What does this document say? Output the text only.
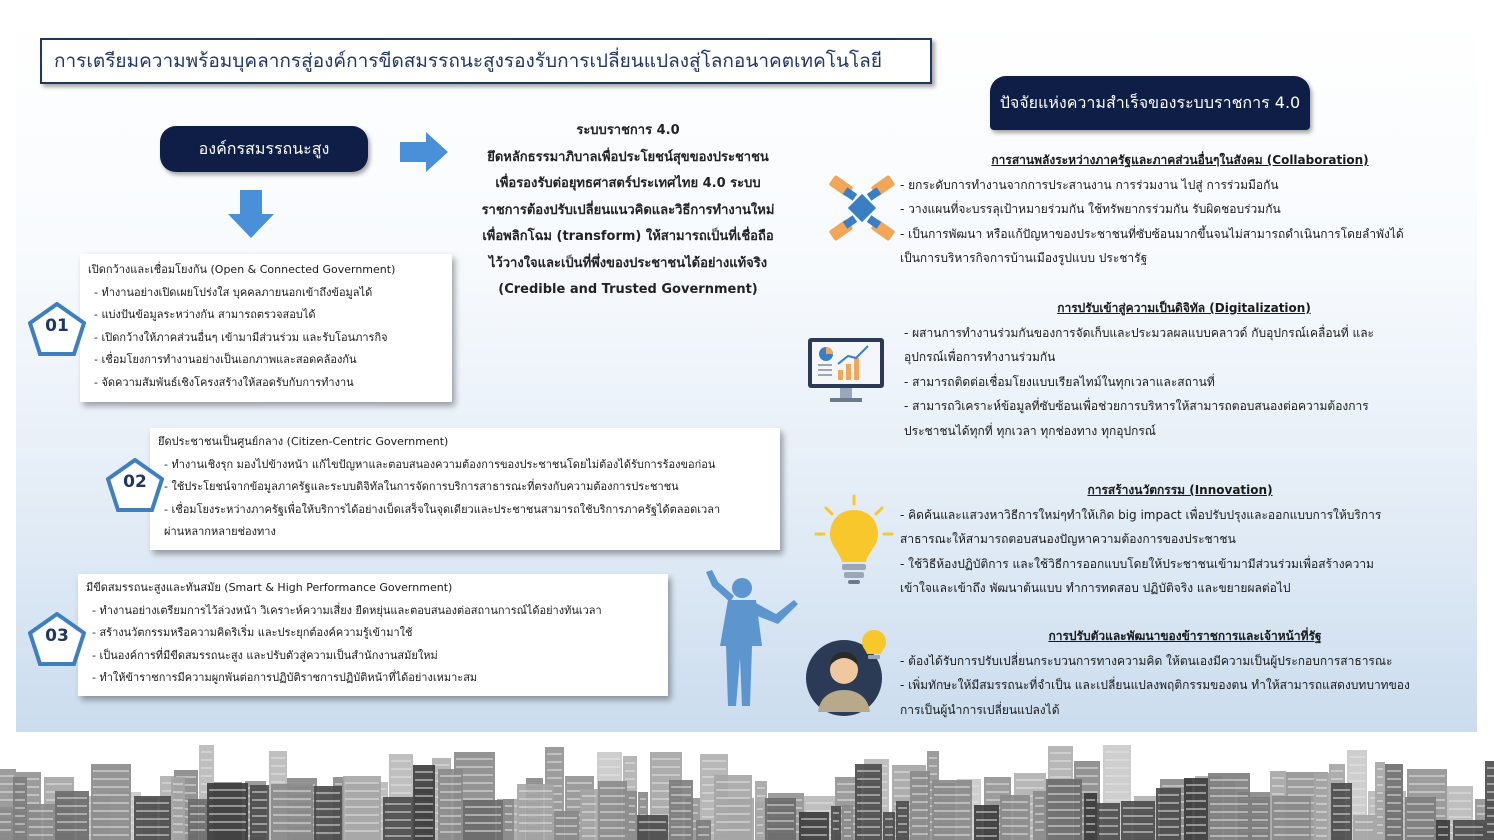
การเตรียมความพร้อมบุคลากรสู่องค์การขีดสมรรถนะสูงรองรับการเปลี่ยนแปลงสู่โลกอนาคตเทคโนโลยี
ปัจจัยแห่งความสำเร็จของระบบราชการ 4.0
องค์กรสมรรถนะสูง
ระบบราชการ 4.0
ยึดหลักธรรมาภิบาลเพื่อประโยชน์สุขของประชาชน
เพื่อรองรับต่อยุทธศาสตร์ประเทศไทย 4.0 ระบบ
ราชการต้องปรับเปลี่ยนแนวคิดและวิธีการทำงานใหม่
เพื่อพลิกโฉม (transform) ให้สามารถเป็นที่เชื่อถือ
ไว้วางใจและเป็นที่พึ่งของประชาชนได้อย่างแท้จริง
(Credible and Trusted Government)
เปิดกว้างและเชื่อมโยงกัน (Open & Connected Government)
- ทำงานอย่างเปิดเผยโปร่งใส บุคคลภายนอกเข้าถึงข้อมูลได้
- แบ่งปันข้อมูลระหว่างกัน สามารถตรวจสอบได้
- เปิดกว้างให้ภาคส่วนอื่นๆ เข้ามามีส่วนร่วม และรับโอนภารกิจ
- เชื่อมโยงการทำงานอย่างเป็นเอกภาพและสอดคล้องกัน
- จัดความสัมพันธ์เชิงโครงสร้างให้สอดรับกับการทำงาน
01
ยึดประชาชนเป็นศูนย์กลาง (Citizen-Centric Government)
- ทำงานเชิงรุก มองไปข้างหน้า แก้ไขปัญหาและตอบสนองความต้องการของประชาชนโดยไม่ต้องได้รับการร้องขอก่อน
- ใช้ประโยชน์จากข้อมูลภาครัฐและระบบดิจิทัลในการจัดการบริการสาธารณะที่ตรงกับความต้องการประชาชน
- เชื่อมโยงระหว่างภาครัฐเพื่อให้บริการได้อย่างเบ็ดเสร็จในจุดเดียวและประชาชนสามารถใช้บริการภาครัฐได้ตลอดเวลา
ผ่านหลากหลายช่องทาง
02
มีขีดสมรรถนะสูงและทันสมัย (Smart & High Performance Government)
- ทำงานอย่างเตรียมการไว้ล่วงหน้า วิเคราะห์ความเสี่ยง ยืดหยุ่นและตอบสนองต่อสถานการณ์ได้อย่างทันเวลา
- สร้างนวัตกรรมหรือความคิดริเริ่ม และประยุกต์องค์ความรู้เข้ามาใช้
- เป็นองค์การที่มีขีดสมรรถนะสูง และปรับตัวสู่ความเป็นสำนักงานสมัยใหม่
- ทำให้ข้าราชการมีความผูกพันต่อการปฏิบัติราชการปฏิบัติหน้าที่ได้อย่างเหมาะสม
03
การสานพลังระหว่างภาครัฐและภาคส่วนอื่นๆในสังคม (Collaboration)
- ยกระดับการทำงานจากการประสานงาน การร่วมงาน ไปสู่ การร่วมมือกัน
- วางแผนที่จะบรรลุเป้าหมายร่วมกัน ใช้ทรัพยากรร่วมกัน รับผิดชอบร่วมกัน
- เป็นการพัฒนา หรือแก้ปัญหาของประชาชนที่ซับซ้อนมากขึ้นจนไม่สามารถดำเนินการโดยลำพังได้
เป็นการบริหารกิจการบ้านเมืองรูปแบบ ประชารัฐ
การปรับเข้าสู่ความเป็นดิจิทัล (Digitalization)
- ผสานการทำงานร่วมกันของการจัดเก็บและประมวลผลแบบคลาวด์ กับอุปกรณ์เคลื่อนที่ และ
อุปกรณ์เพื่อการทำงานร่วมกัน
- สามารถติดต่อเชื่อมโยงแบบเรียลไทม์ในทุกเวลาและสถานที่
- สามารถวิเคราะห์ข้อมูลที่ซับซ้อนเพื่อช่วยการบริหารให้สามารถตอบสนองต่อความต้องการ
ประชาชนได้ทุกที่ ทุกเวลา ทุกช่องทาง ทุกอุปกรณ์
การสร้างนวัตกรรม (Innovation)
- คิดค้นและแสวงหาวิธีการใหม่ๆทำให้เกิด big impact เพื่อปรับปรุงและออกแบบการให้บริการ
สาธารณะให้สามารถตอบสนองปัญหาความต้องการของประชาชน
- ใช้วิธีห้องปฏิบัติการ และใช้วิธีการออกแบบโดยให้ประชาชนเข้ามามีส่วนร่วมเพื่อสร้างความ
เข้าใจและเข้าถึง พัฒนาต้นแบบ ทำการทดสอบ ปฏิบัติจริง และขยายผลต่อไป
การปรับตัวและพัฒนาของข้าราชการและเจ้าหน้าที่รัฐ
- ต้องได้รับการปรับเปลี่ยนกระบวนการทางความคิด ให้ตนเองมีความเป็นผู้ประกอบการสาธารณะ
- เพิ่มทักษะให้มีสมรรถนะที่จำเป็น และเปลี่ยนแปลงพฤติกรรมของตน ทำให้สามารถแสดงบทบาทของ
การเป็นผู้นำการเปลี่ยนแปลงได้
